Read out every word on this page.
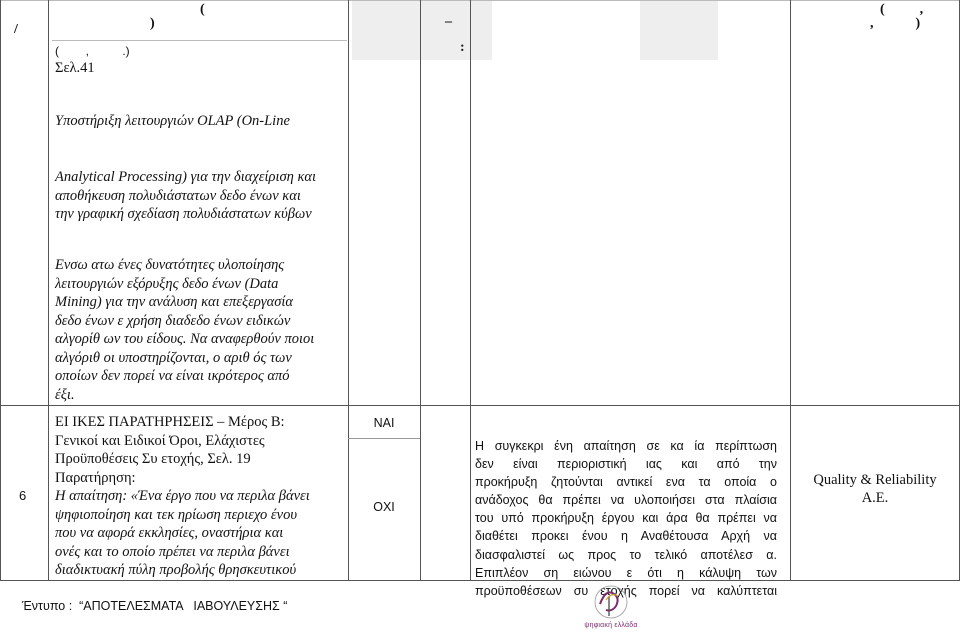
/
(
)
(        ,          .)
Σελ.41
–
:
(          ,
,            )
Υποστήριξη λειτουργιών OLAP (On-Line
Analytical Processing) για την διαχείριση και
αποθήκευση πολυδιάστατων δεδο ένων και
την γραφική σχεδίαση πολυδιάστατων κύβων
Ενσω ατω ένες δυνατότητες υλοποίησης
λειτουργιών εξόρυξης δεδο ένων (Data
Mining) για την ανάλυση και επεξεργασία
δεδο ένων ε χρήση διαδεδο ένων ειδικών
αλγορίθ ων του είδους. Να αναφερθούν ποιοι
αλγόριθ οι υποστηρίζονται, ο αριθ ός των
οποίων δεν πορεί να είναι ικρότερος από
έξι.
6
ΕΙ ΙΚΕΣ ΠΑΡΑΤΗΡΗΣΕΙΣ – Μέρος Β:
Γενικοί και Ειδικοί Όροι, Ελάχιστες
Προϋποθέσεις Συ ετοχής, Σελ. 19
Παρατήρηση:
Η απαίτηση: «Ένα έργο που να περιλα βάνει
ψηφιοποίηση και τεκ ηρίωση περιεχο ένου
που να αφορά εκκλησίες, οναστήρια και
ονές και το οποίο πρέπει να περιλα βάνει
διαδικτυακή πύλη προβολής θρησκευτικού
ΝΑΙ
ΟΧΙ
Η συγκεκρι ένη απαίτηση σε κα ία περίπτωση
δεν είναι περιοριστική ιας και από την
προκήρυξη ζητούνται αντικεί ενα τα οποία ο
ανάδοχος θα πρέπει να υλοποιήσει στα πλαίσια
του υπό προκήρυξη έργου και άρα θα πρέπει να
διαθέτει προκει ένου η Αναθέτουσα Αρχή να
διασφαλιστεί ως προς το τελικό αποτέλεσ α.
Επιπλέον ση ειώνου ε ότι η κάλυψη των
προϋποθέσεων συ ετοχής πορεί να καλύπτεται
Quality & Reliability
A.E.
Έντυπο :  “ΑΠΟΤΕΛΕΣΜΑΤΑ   ΙΑΒΟΥΛΕΥΣΗΣ “
ψηφιακή ελλάδα
